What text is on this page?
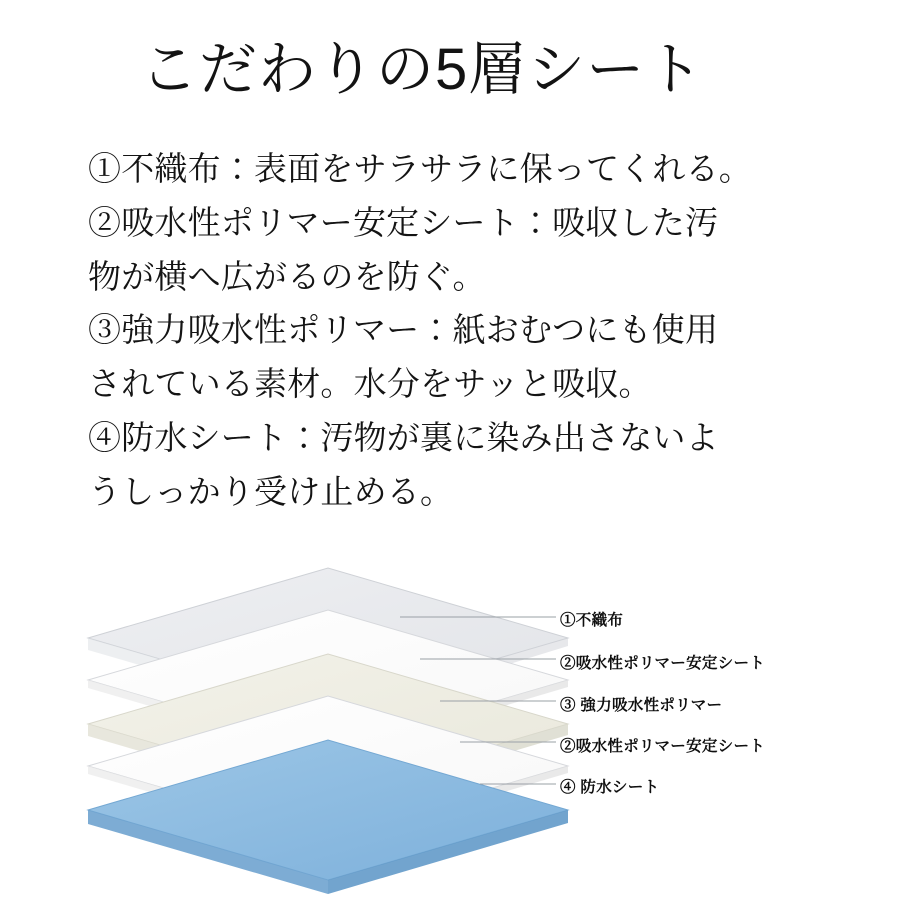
こだわりの5層シート

①不織布：表面をサラサラに保ってくれる。

②吸水性ポリマー安定シート：吸収した汚

物が横へ広がるのを防ぐ。

③強力吸水性ポリマー：紙おむつにも使用

されている素材。水分をサッと吸収。

④防水シート：汚物が裏に染み出さないよ

うしっかり受け止める。

①不織布
②吸水性ポリマー安定シート
③ 強力吸水性ポリマー
②吸水性ポリマー安定シート
④ 防水シート
